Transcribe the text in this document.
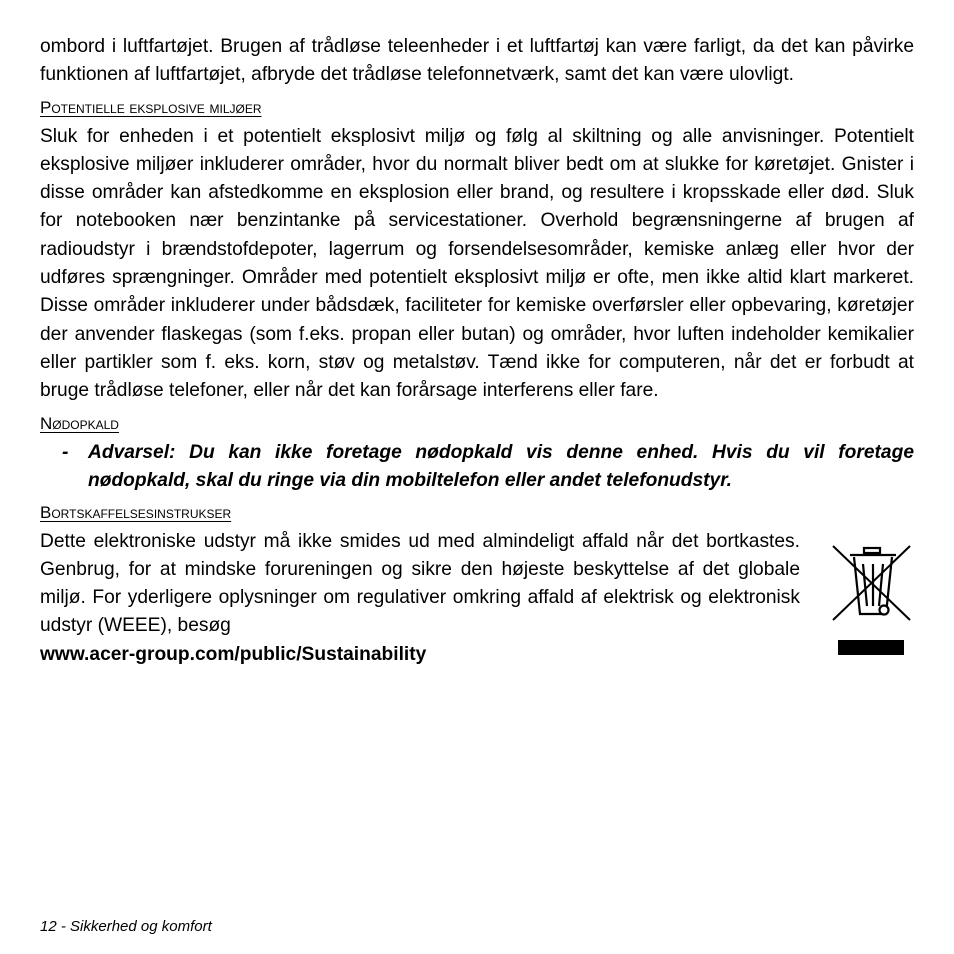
ombord i luftfartøjet. Brugen af trådløse teleenheder i et luftfartøj kan være farligt, da det kan påvirke funktionen af luftfartøjet, afbryde det trådløse telefonnetværk, samt det kan være ulovligt.

Potentielle eksplosive miljøer

Sluk for enheden i et potentielt eksplosivt miljø og følg al skiltning og alle anvisninger. Potentielt eksplosive miljøer inkluderer områder, hvor du normalt bliver bedt om at slukke for køretøjet. Gnister i disse områder kan afstedkomme en eksplosion eller brand, og resultere i kropsskade eller død. Sluk for notebooken nær benzintanke på servicestationer. Overhold begrænsningerne af brugen af radioudstyr i brændstofdepoter, lagerrum og forsendelsesområder, kemiske anlæg eller hvor der udføres sprængninger. Områder med potentielt eksplosivt miljø er ofte, men ikke altid klart markeret. Disse områder inkluderer under bådsdæk, faciliteter for kemiske overførsler eller opbevaring, køretøjer der anvender flaskegas (som f.eks. propan eller butan) og områder, hvor luften indeholder kemikalier eller partikler som f. eks. korn, støv og metalstøv. Tænd ikke for computeren, når det er forbudt at bruge trådløse telefoner, eller når det kan forårsage interferens eller fare.

Nødopkald
-	Advarsel: Du kan ikke foretage nødopkald vis denne enhed. Hvis du vil foretage nødopkald, skal du ringe via din mobiltelefon eller andet telefonudstyr.
Bortskaffelsesinstrukser

Dette elektroniske udstyr må ikke smides ud med almindeligt affald når det bortkastes. Genbrug, for at mindske forureningen og sikre den højeste beskyttelse af det globale miljø. For yderligere oplysninger om regulativer omkring affald af elektrisk og elektronisk udstyr (WEEE), besøg

www.acer-group.com/public/Sustainability

12 - Sikkerhed og komfort
